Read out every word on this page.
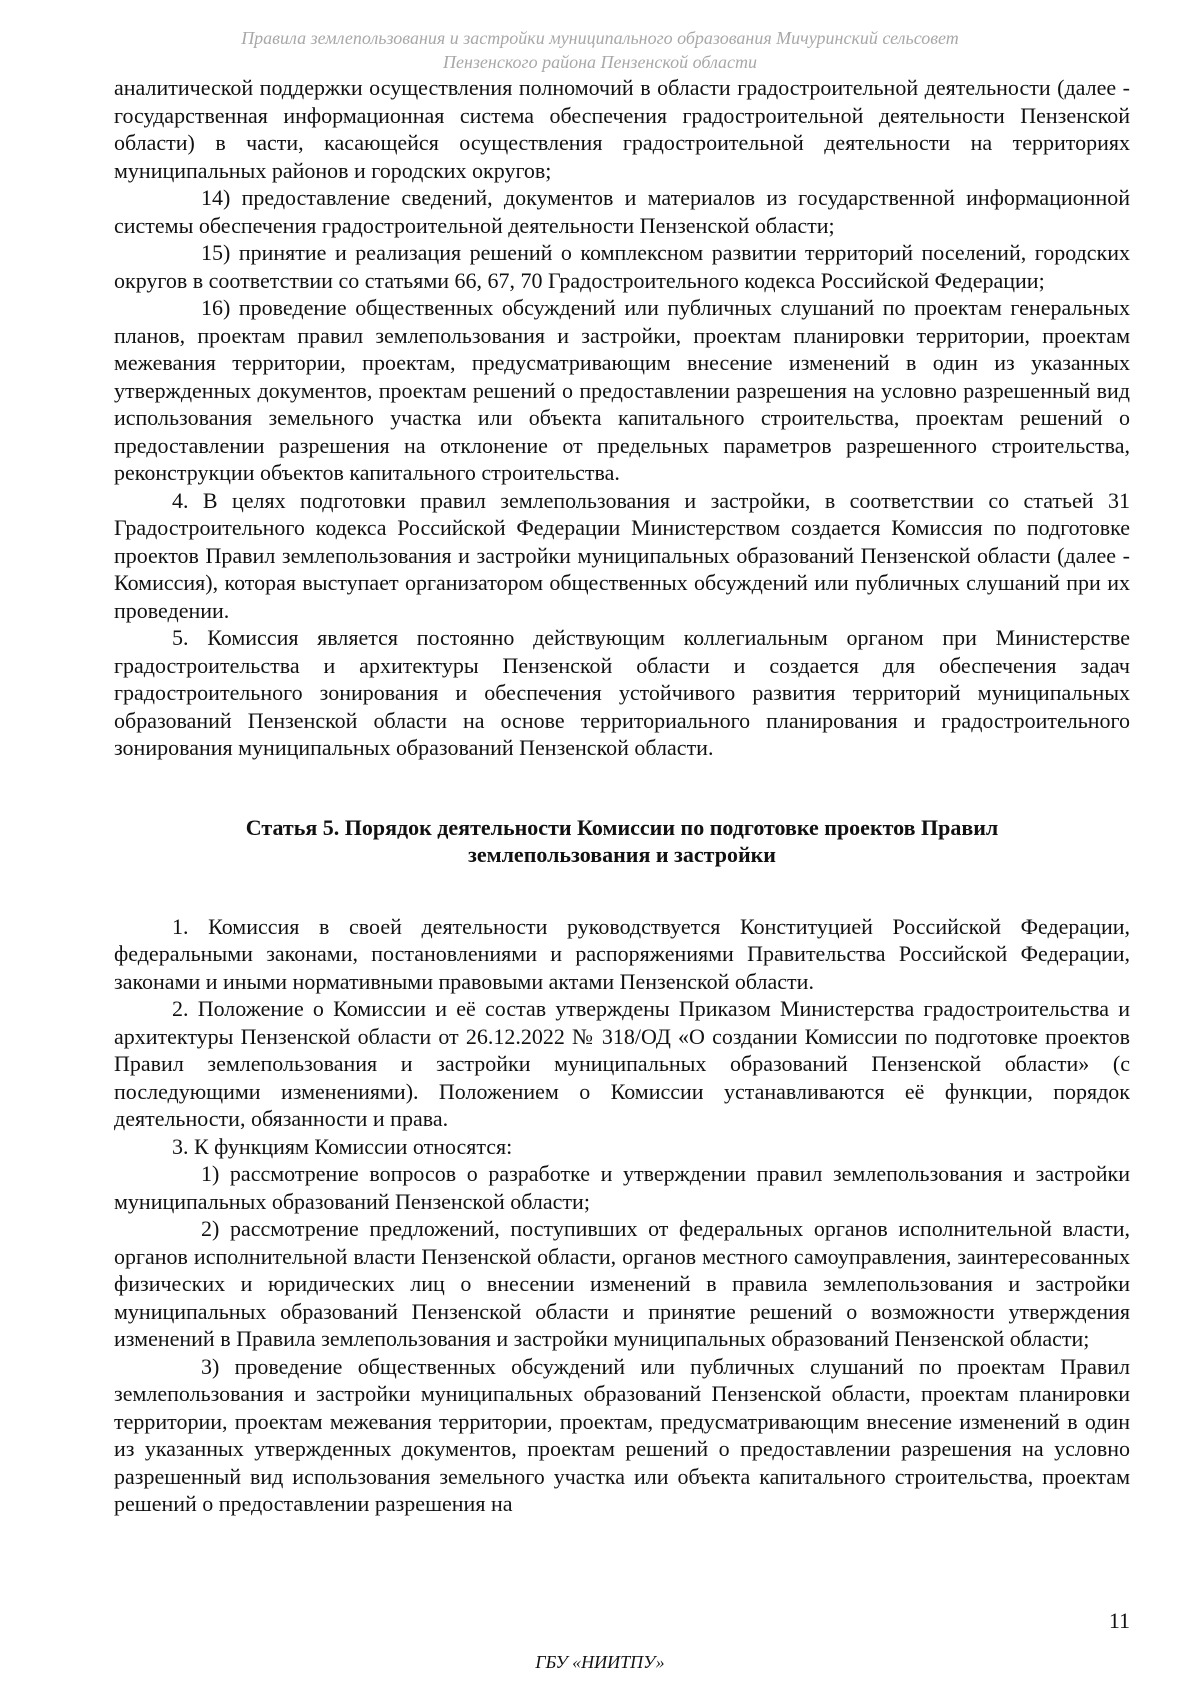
Правила землепользования и застройки муниципального образования Мичуринский сельсовет
Пензенского района Пензенской области

аналитической поддержки осуществления полномочий в области градостроительной деятельности (далее - государственная информационная система обеспечения градостроительной деятельности Пензенской области) в части, касающейся осуществления градостроительной деятельности на территориях муниципальных районов и городских округов;

14) предоставление сведений, документов и материалов из государственной информационной системы обеспечения градостроительной деятельности Пензенской области;

15) принятие и реализация решений о комплексном развитии территорий поселений, городских округов в соответствии со статьями 66, 67, 70 Градостроительного кодекса Российской Федерации;

16) проведение общественных обсуждений или публичных слушаний по проектам генеральных планов, проектам правил землепользования и застройки, проектам планировки территории, проектам межевания территории, проектам, предусматривающим внесение изменений в один из указанных утвержденных документов, проектам решений о предоставлении разрешения на условно разрешенный вид использования земельного участка или объекта капитального строительства, проектам решений о предоставлении разрешения на отклонение от предельных параметров разрешенного строительства, реконструкции объектов капитального строительства.

4. В целях подготовки правил землепользования и застройки, в соответствии со статьей 31 Градостроительного кодекса Российской Федерации Министерством создается Комиссия по подготовке проектов Правил землепользования и застройки муниципальных образований Пензенской области (далее - Комиссия), которая выступает организатором общественных обсуждений или публичных слушаний при их проведении.

5. Комиссия является постоянно действующим коллегиальным органом при Министерстве градостроительства и архитектуры Пензенской области и создается для обеспечения задач градостроительного зонирования и обеспечения устойчивого развития территорий муниципальных образований Пензенской области на основе территориального планирования и градостроительного зонирования муниципальных образований Пензенской области.

Статья 5. Порядок деятельности Комиссии по подготовке проектов Правил
землепользования и застройки

1. Комиссия в своей деятельности руководствуется Конституцией Российской Федерации, федеральными законами, постановлениями и распоряжениями Правительства Российской Федерации, законами и иными нормативными правовыми актами Пензенской области.

2. Положение о Комиссии и её состав утверждены Приказом Министерства градостроительства и архитектуры Пензенской области от 26.12.2022 № 318/ОД «О создании Комиссии по подготовке проектов Правил землепользования и застройки муниципальных образований Пензенской области» (с последующими изменениями). Положением о Комиссии устанавливаются её функции, порядок деятельности, обязанности и права.

3. К функциям Комиссии относятся:

1) рассмотрение вопросов о разработке и утверждении правил землепользования и застройки муниципальных образований Пензенской области;

2) рассмотрение предложений, поступивших от федеральных органов исполнительной власти, органов исполнительной власти Пензенской области, органов местного самоуправления, заинтересованных физических и юридических лиц о внесении изменений в правила землепользования и застройки муниципальных образований Пензенской области и принятие решений о возможности утверждения изменений в Правила землепользования и застройки муниципальных образований Пензенской области;

3) проведение общественных обсуждений или публичных слушаний по проектам Правил землепользования и застройки муниципальных образований Пензенской области, проектам планировки территории, проектам межевания территории, проектам, предусматривающим внесение изменений в один из указанных утвержденных документов, проектам решений о предоставлении разрешения на условно разрешенный вид использования земельного участка или объекта капитального строительства, проектам решений о предоставлении разрешения на

11
ГБУ «НИИТПУ»
